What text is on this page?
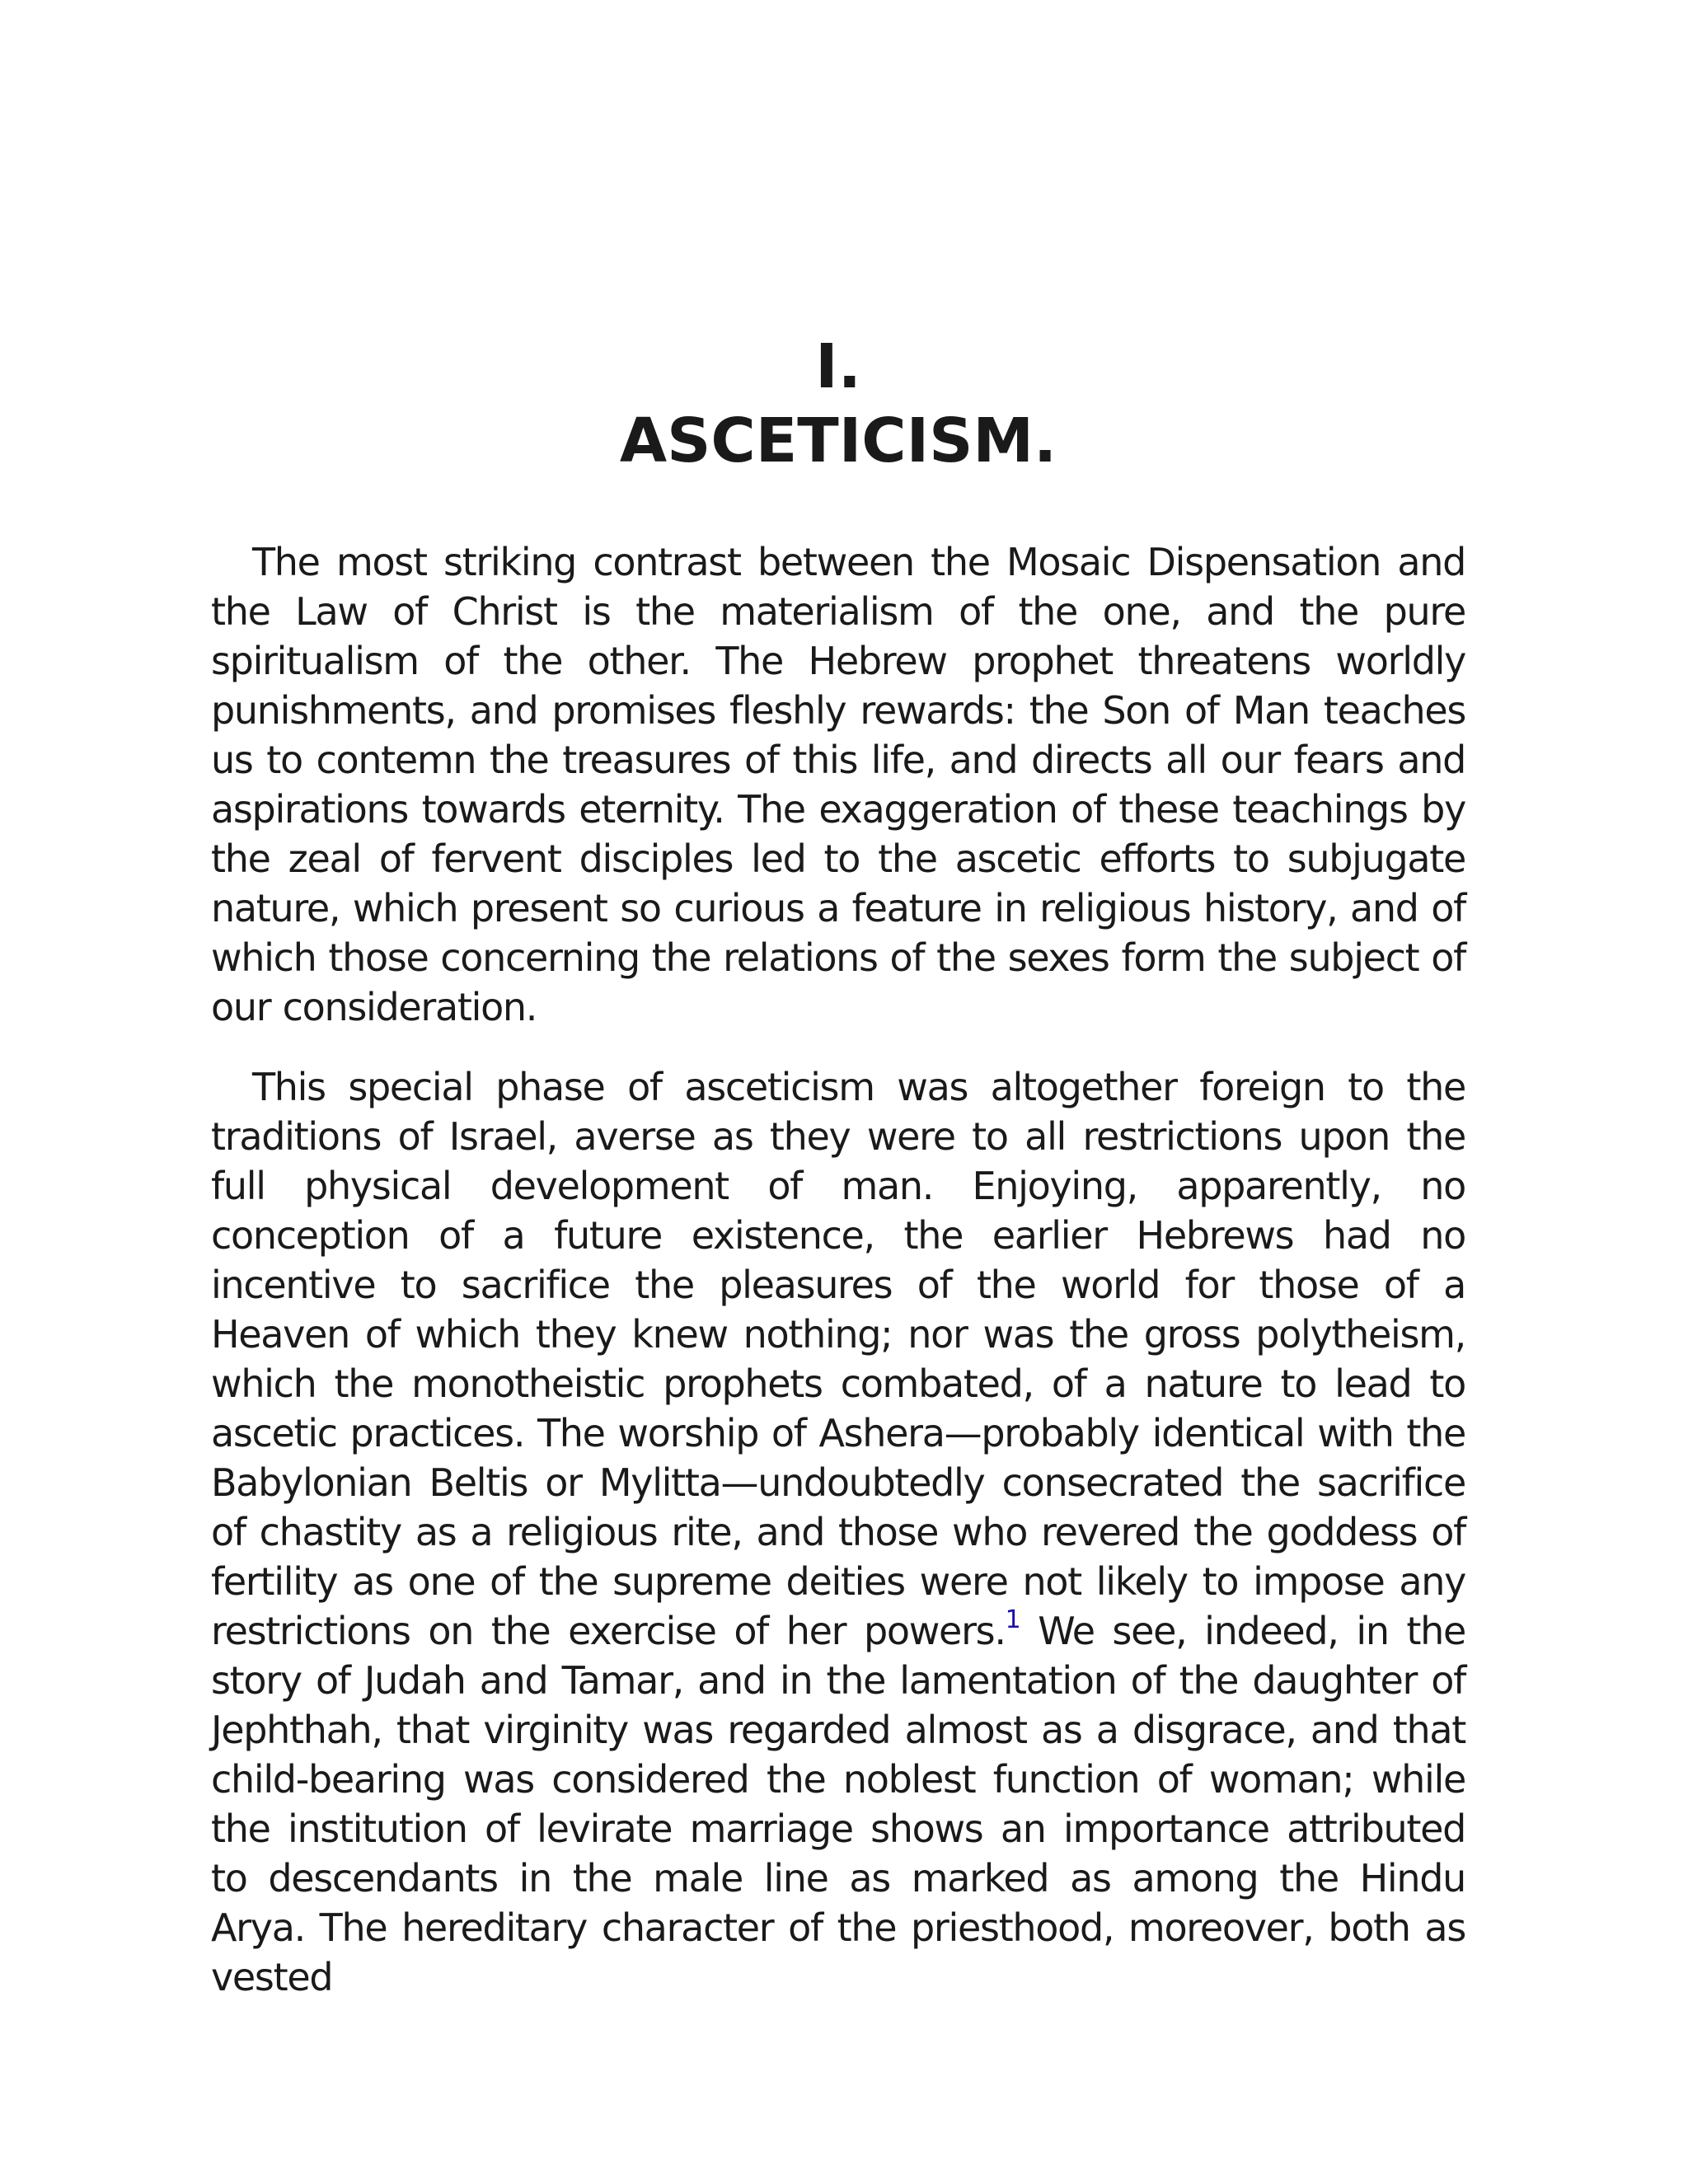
I.
ASCETICISM.

The most striking contrast between the Mosaic Dispensation and the Law of Christ is the materialism of the one, and the pure spiritualism of the other. The Hebrew prophet threatens worldly punishments, and promises fleshly rewards: the Son of Man teaches us to contemn the treasures of this life, and directs all our fears and aspirations towards eternity. The exaggeration of these teachings by the zeal of fervent disciples led to the ascetic efforts to subjugate nature, which present so curious a feature in religious history, and of which those concerning the relations of the sexes form the subject of our consideration.

This special phase of asceticism was altogether foreign to the traditions of Israel, averse as they were to all restrictions upon the full physical development of man. Enjoying, apparently, no conception of a future existence, the earlier Hebrews had no incentive to sacrifice the pleasures of the world for those of a Heaven of which they knew nothing; nor was the gross polytheism, which the monotheistic prophets combated, of a nature to lead to ascetic practices. The worship of Ashera—probably identical with the Babylonian Beltis or Mylitta—undoubtedly consecrated the sacrifice of chastity as a religious rite, and those who revered the goddess of fertility as one of the supreme deities were not likely to impose any restrictions on the exercise of her powers.$^1$ We see, indeed, in the story of Judah and Tamar, and in the lamentation of the daughter of Jephthah, that virginity was regarded almost as a disgrace, and that child-bearing was considered the noblest function of woman; while the institution of levirate marriage shows an importance attributed to descendants in the male line as marked as among the Hindu Arya. The hereditary character of the priesthood, moreover, both as vested
